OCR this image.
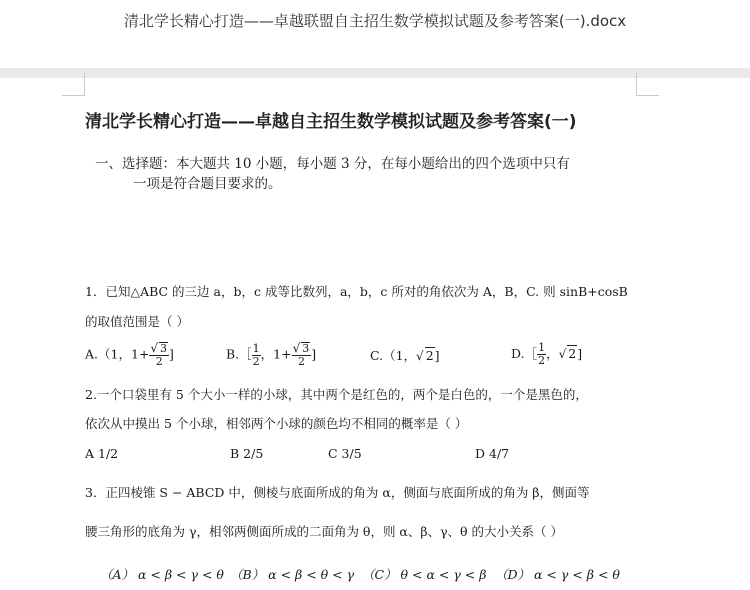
清北学长精心打造——卓越联盟自主招生数学模拟试题及参考答案(一).docx
清北学长精心打造——卓越自主招生数学模拟试题及参考答案(一)
一、选择题：本大题共 10 小题，每小题 3 分，在每小题给出的四个选项中只有
一项是符合题目要求的。
1．已知△ABC 的三边 a，b，c 成等比数列，a，b，c 所对的角依次为 A，B，C. 则 sinB+cosB
的取值范围是（ ）
A.（1，$1+ \frac{√ 3}{2}$ ]	B.［ $\frac{1}{2}$ ，$1+ \frac{√ 3}{2}$ ]	C.（1，√ 2]	D.［ $\frac{1}{2}$ ，√ 2]
2.一个口袋里有 5 个大小一样的小球，其中两个是红色的，两个是白色的，一个是黑色的，
依次从中摸出 5 个小球，相邻两个小球的颜色均不相同的概率是（ ）
A 1/2	B 2/5	C 3/5	D 4/7
3．正四棱锥 S − ABCD 中，侧棱与底面所成的角为 α，侧面与底面所成的角为 β，侧面等
腰三角形的底角为 γ，相邻两侧面所成的二面角为 θ，则 α、β、γ、θ 的大小关系（ ）
（A） α < β < γ < θ （B） α < β < θ < γ （C） θ < α < γ < β （D） α < γ < β < θ
